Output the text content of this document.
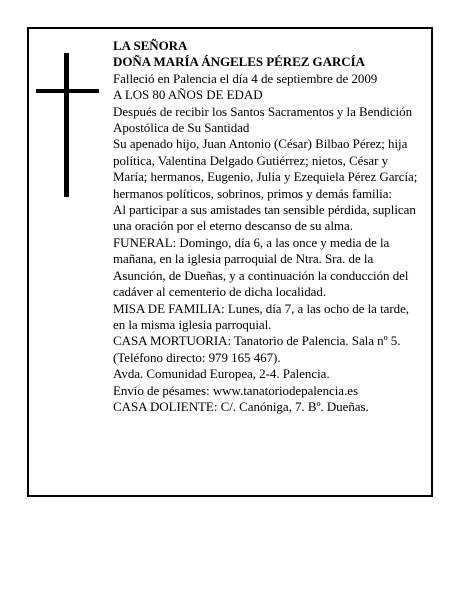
LA SEÑORA

DOÑA MARÍA ÁNGELES PÉREZ GARCÍA

Falleció en Palencia el día 4 de septiembre de 2009

A LOS 80 AÑOS DE EDAD

Después de recibir los Santos Sacramentos y la Bendición Apostólica de Su Santidad

Su apenado hijo, Juan Antonio (César) Bilbao Pérez; hija política, Valentina Delgado Gutiérrez; nietos, César y María; hermanos, Eugenio, Julia y Ezequiela Pérez García; hermanos políticos, sobrinos, primos y demás familia:

Al participar a sus amistades tan sensible pérdida, suplican una oración por el eterno descanso de su alma.

FUNERAL: Domingo, día 6, a las once y media de la mañana, en la iglesia parroquial de Ntra. Sra. de la Asunción, de Dueñas, y a continuación la conducción del cadáver al cementerio de dicha localidad.

MISA DE FAMILIA: Lunes, día 7, a las ocho de la tarde, en la misma iglesia parroquial.

CASA MORTUORIA: Tanatorio de Palencia. Sala nº 5. (Teléfono directo: 979 165 467).

Avda. Comunidad Europea, 2-4. Palencia.

Envío de pésames: www.tanatoriodepalencia.es

CASA DOLIENTE: C/. Canóniga, 7. Bº. Dueñas.
